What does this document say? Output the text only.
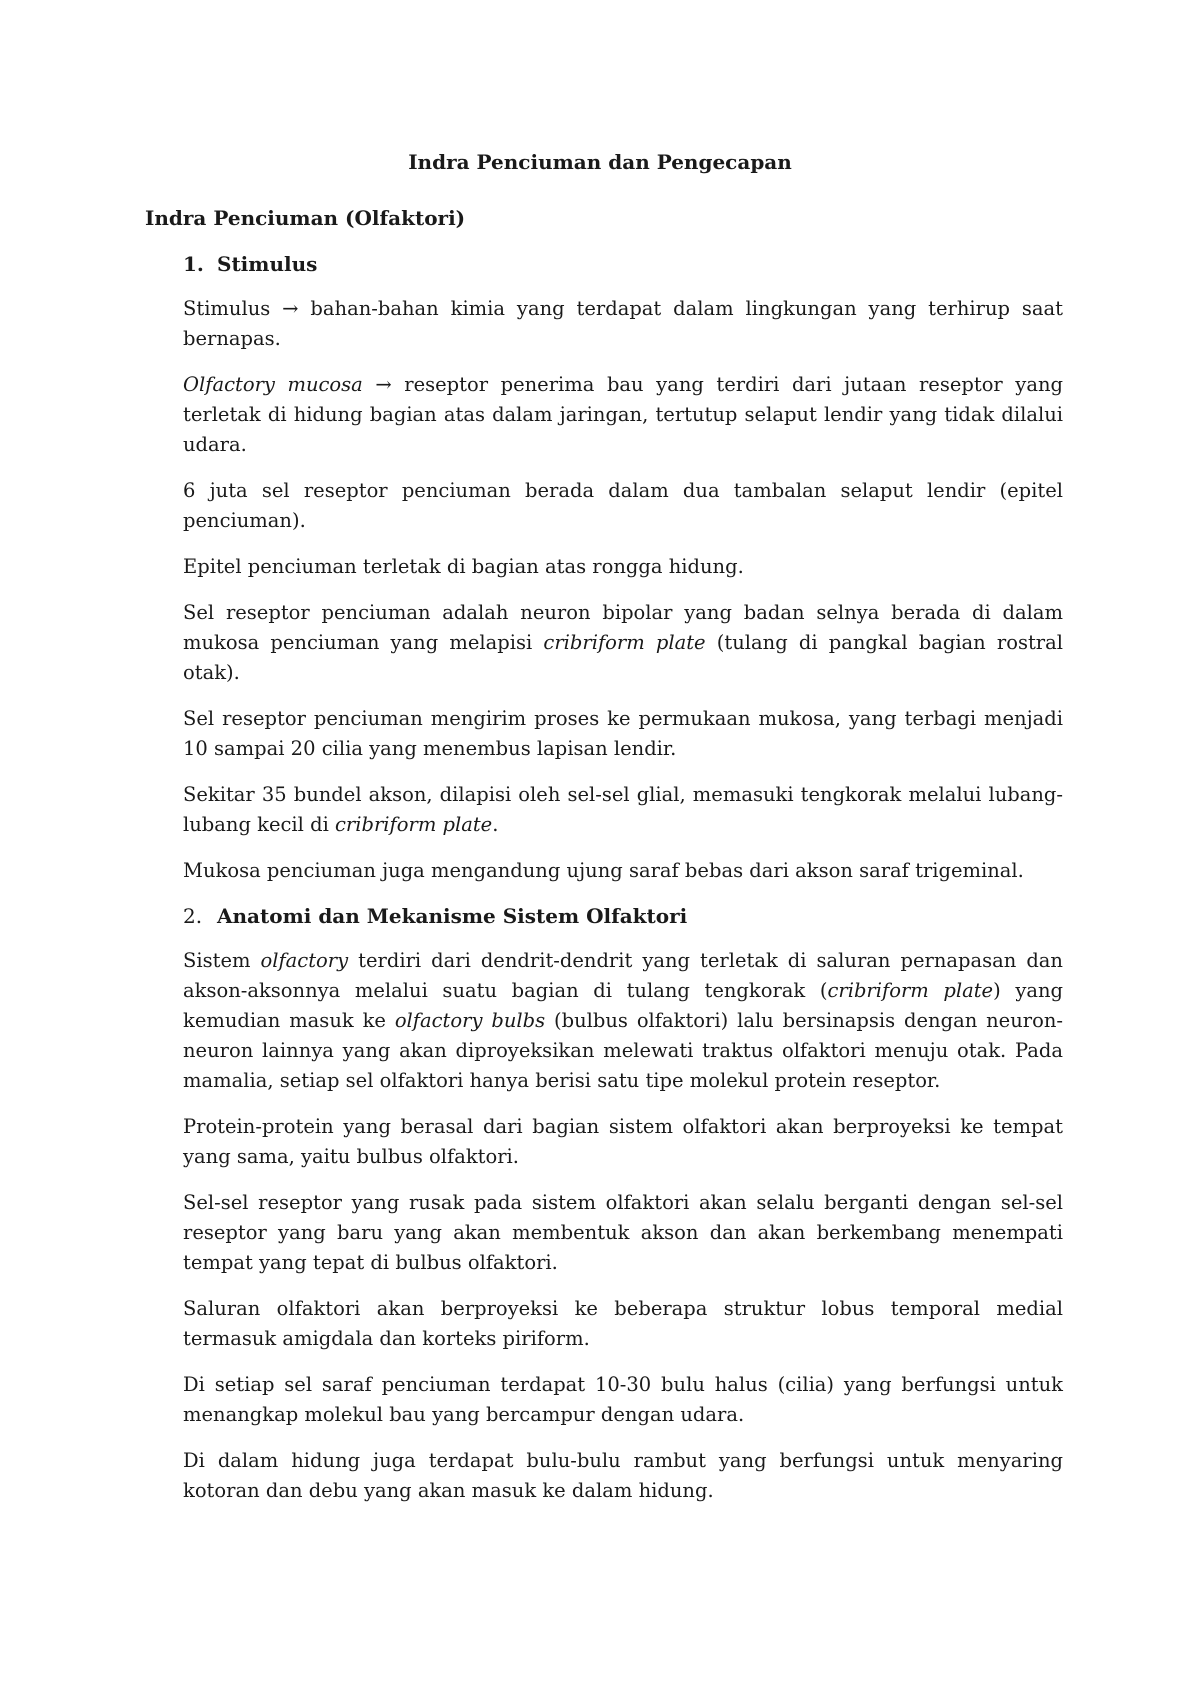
Indra Penciuman dan Pengecapan
Indra Penciuman (Olfaktori)
1. Stimulus

Stimulus → bahan-bahan kimia yang terdapat dalam lingkungan yang terhirup saat bernapas.

Olfactory mucosa → reseptor penerima bau yang terdiri dari jutaan reseptor yang terletak di hidung bagian atas dalam jaringan, tertutup selaput lendir yang tidak dilalui udara.

6 juta sel reseptor penciuman berada dalam dua tambalan selaput lendir (epitel penciuman).

Epitel penciuman terletak di bagian atas rongga hidung.

Sel reseptor penciuman adalah neuron bipolar yang badan selnya berada di dalam mukosa penciuman yang melapisi cribriform plate (tulang di pangkal bagian rostral otak).

Sel reseptor penciuman mengirim proses ke permukaan mukosa, yang terbagi menjadi 10 sampai 20 cilia yang menembus lapisan lendir.

Sekitar 35 bundel akson, dilapisi oleh sel-sel glial, memasuki tengkorak melalui lubang-lubang kecil di cribriform plate.

Mukosa penciuman juga mengandung ujung saraf bebas dari akson saraf trigeminal.

2. Anatomi dan Mekanisme Sistem Olfaktori

Sistem olfactory terdiri dari dendrit-dendrit yang terletak di saluran pernapasan dan akson-aksonnya melalui suatu bagian di tulang tengkorak (cribriform plate) yang kemudian masuk ke olfactory bulbs (bulbus olfaktori) lalu bersinapsis dengan neuron-neuron lainnya yang akan diproyeksikan melewati traktus olfaktori menuju otak. Pada mamalia, setiap sel olfaktori hanya berisi satu tipe molekul protein reseptor.

Protein-protein yang berasal dari bagian sistem olfaktori akan berproyeksi ke tempat yang sama, yaitu bulbus olfaktori.

Sel-sel reseptor yang rusak pada sistem olfaktori akan selalu berganti dengan sel-sel reseptor yang baru yang akan membentuk akson dan akan berkembang menempati tempat yang tepat di bulbus olfaktori.

Saluran olfaktori akan berproyeksi ke beberapa struktur lobus temporal medial termasuk amigdala dan korteks piriform.

Di setiap sel saraf penciuman terdapat 10-30 bulu halus (cilia) yang berfungsi untuk menangkap molekul bau yang bercampur dengan udara.

Di dalam hidung juga terdapat bulu-bulu rambut yang berfungsi untuk menyaring kotoran dan debu yang akan masuk ke dalam hidung.
